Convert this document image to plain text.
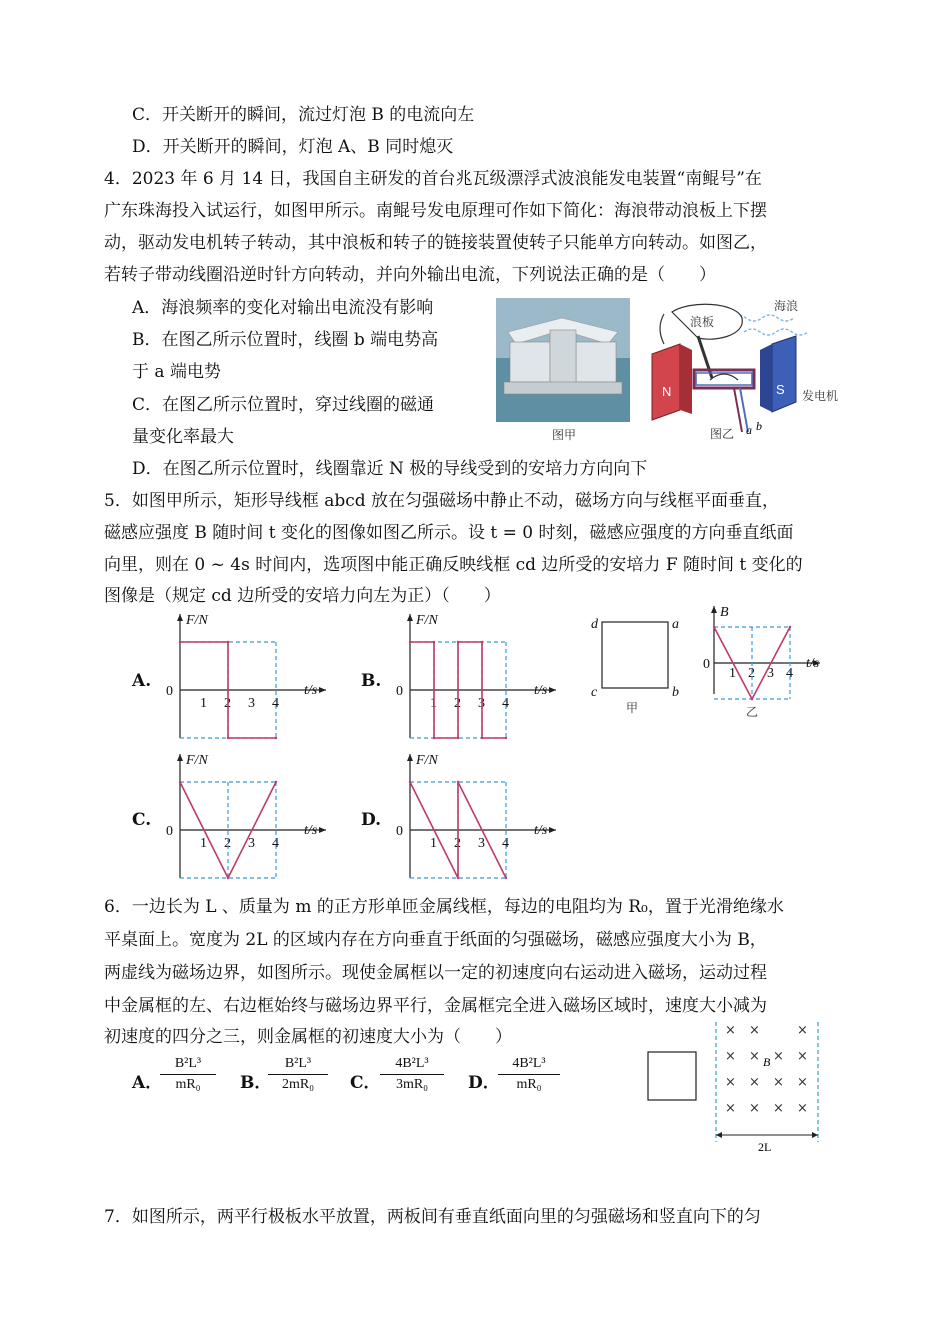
C．开关断开的瞬间，流过灯泡 B 的电流向左
D．开关断开的瞬间，灯泡 A、B 同时熄灭
4．2023 年 6 月 14 日，我国自主研发的首台兆瓦级漂浮式波浪能发电装置“南鲲号”在
广东珠海投入试运行，如图甲所示。南鲲号发电原理可作如下简化：海浪带动浪板上下摆
动，驱动发电机转子转动，其中浪板和转子的链接装置使转子只能单方向转动。如图乙，
若转子带动线圈沿逆时针方向转动，并向外输出电流，下列说法正确的是（　　）
A．海浪频率的变化对输出电流没有影响
B．在图乙所示位置时，线圈 b 端电势高
于 a 端电势
C．在图乙所示位置时，穿过线圈的磁通
量变化率最大
D．在图乙所示位置时，线圈靠近 N 极的导线受到的安培力方向向下
5．如图甲所示，矩形导线框 abcd 放在匀强磁场中静止不动，磁场方向与线框平面垂直，
磁感应强度 B 随时间 t 变化的图像如图乙所示。设 t = 0 时刻，磁感应强度的方向垂直纸面
向里，则在 0 ~ 4s 时间内，选项图中能正确反映线框 cd 边所受的安培力 F 随时间 t 变化的
图像是（规定 cd 边所受的安培力向左为正）（　　）
6．一边长为 L 、质量为 m 的正方形单匝金属线框，每边的电阻均为 R₀，置于光滑绝缘水
平桌面上。宽度为 2L 的区域内存在方向垂直于纸面的匀强磁场，磁感应强度大小为 B，
两虚线为磁场边界，如图所示。现使金属框以一定的初速度向右运动进入磁场，运动过程
中金属框的左、右边框始终与磁场边界平行，金属框完全进入磁场区域时，速度大小减为
初速度的四分之三，则金属框的初速度大小为（　　）
7．如图所示，两平行极板水平放置，两板间有垂直纸面向里的匀强磁场和竖直向下的匀
图甲
海浪
浪板
N	S
图乙 a b
发电机
A.	B.
C.	D.
F/N
t/s
0
1 2 3 4
F/N
t/s
0
1 2 3 4
F/N
t/s
0
1 2 3 4
F/N
t/s
0
1 2 3 4
d	a
c	b
甲
B
t/s
0
1 2 3 4
乙
A．
$\frac{\text{B²L³}}{\text{mR₀}}$ B．
$\frac{\text{B²L³}}{\text{2mR₀}}$ C． $\frac{\text{4B²L³}}{\text{3mR₀}}$ D．
$\frac{\text{4B²L³}}{\text{mR₀}}$
× ×	×
× × × ×
× × × ×
× × × ×
B
2L
